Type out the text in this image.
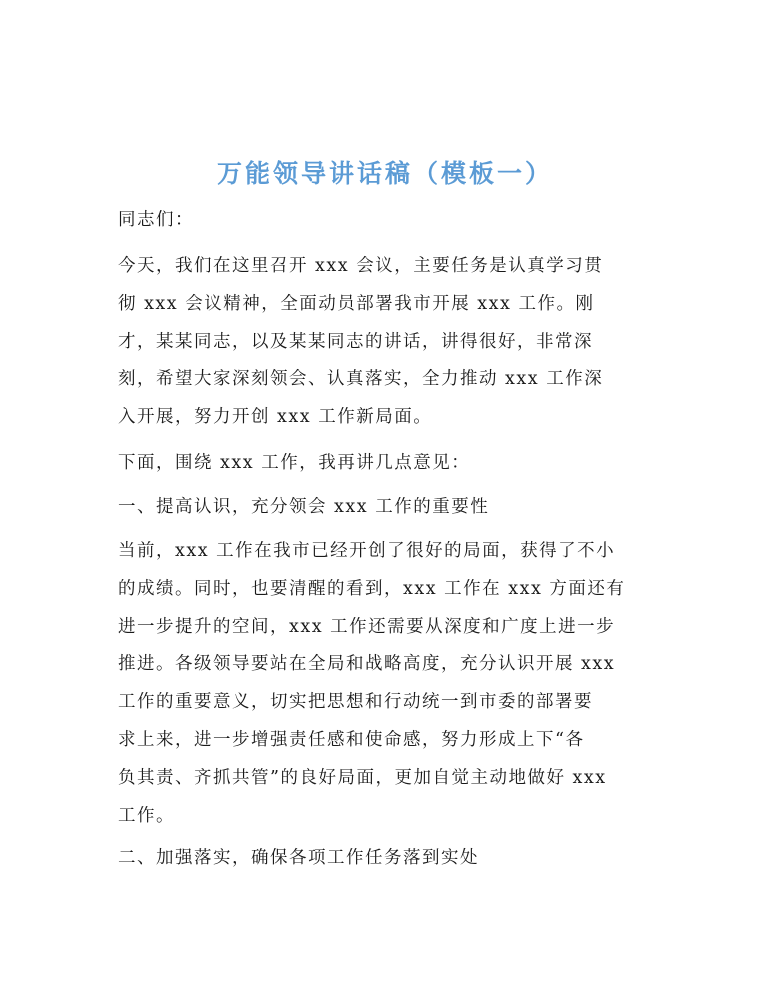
万能领导讲话稿（模板一）
同志们：
今天，我们在这里召开 xxx 会议，主要任务是认真学习贯
彻 xxx 会议精神，全面动员部署我市开展 xxx 工作。刚
才，某某同志，以及某某同志的讲话，讲得很好，非常深
刻，希望大家深刻领会、认真落实，全力推动 xxx 工作深
入开展，努力开创 xxx 工作新局面。
下面，围绕 xxx 工作，我再讲几点意见：
一、提高认识，充分领会 xxx 工作的重要性
当前，xxx 工作在我市已经开创了很好的局面，获得了不小
的成绩。同时，也要清醒的看到，xxx 工作在 xxx 方面还有
进一步提升的空间，xxx 工作还需要从深度和广度上进一步
推进。各级领导要站在全局和战略高度，充分认识开展 xxx
工作的重要意义，切实把思想和行动统一到市委的部署要
求上来，进一步增强责任感和使命感，努力形成上下“各
负其责、齐抓共管”的良好局面，更加自觉主动地做好 xxx
工作。
二、加强落实，确保各项工作任务落到实处
